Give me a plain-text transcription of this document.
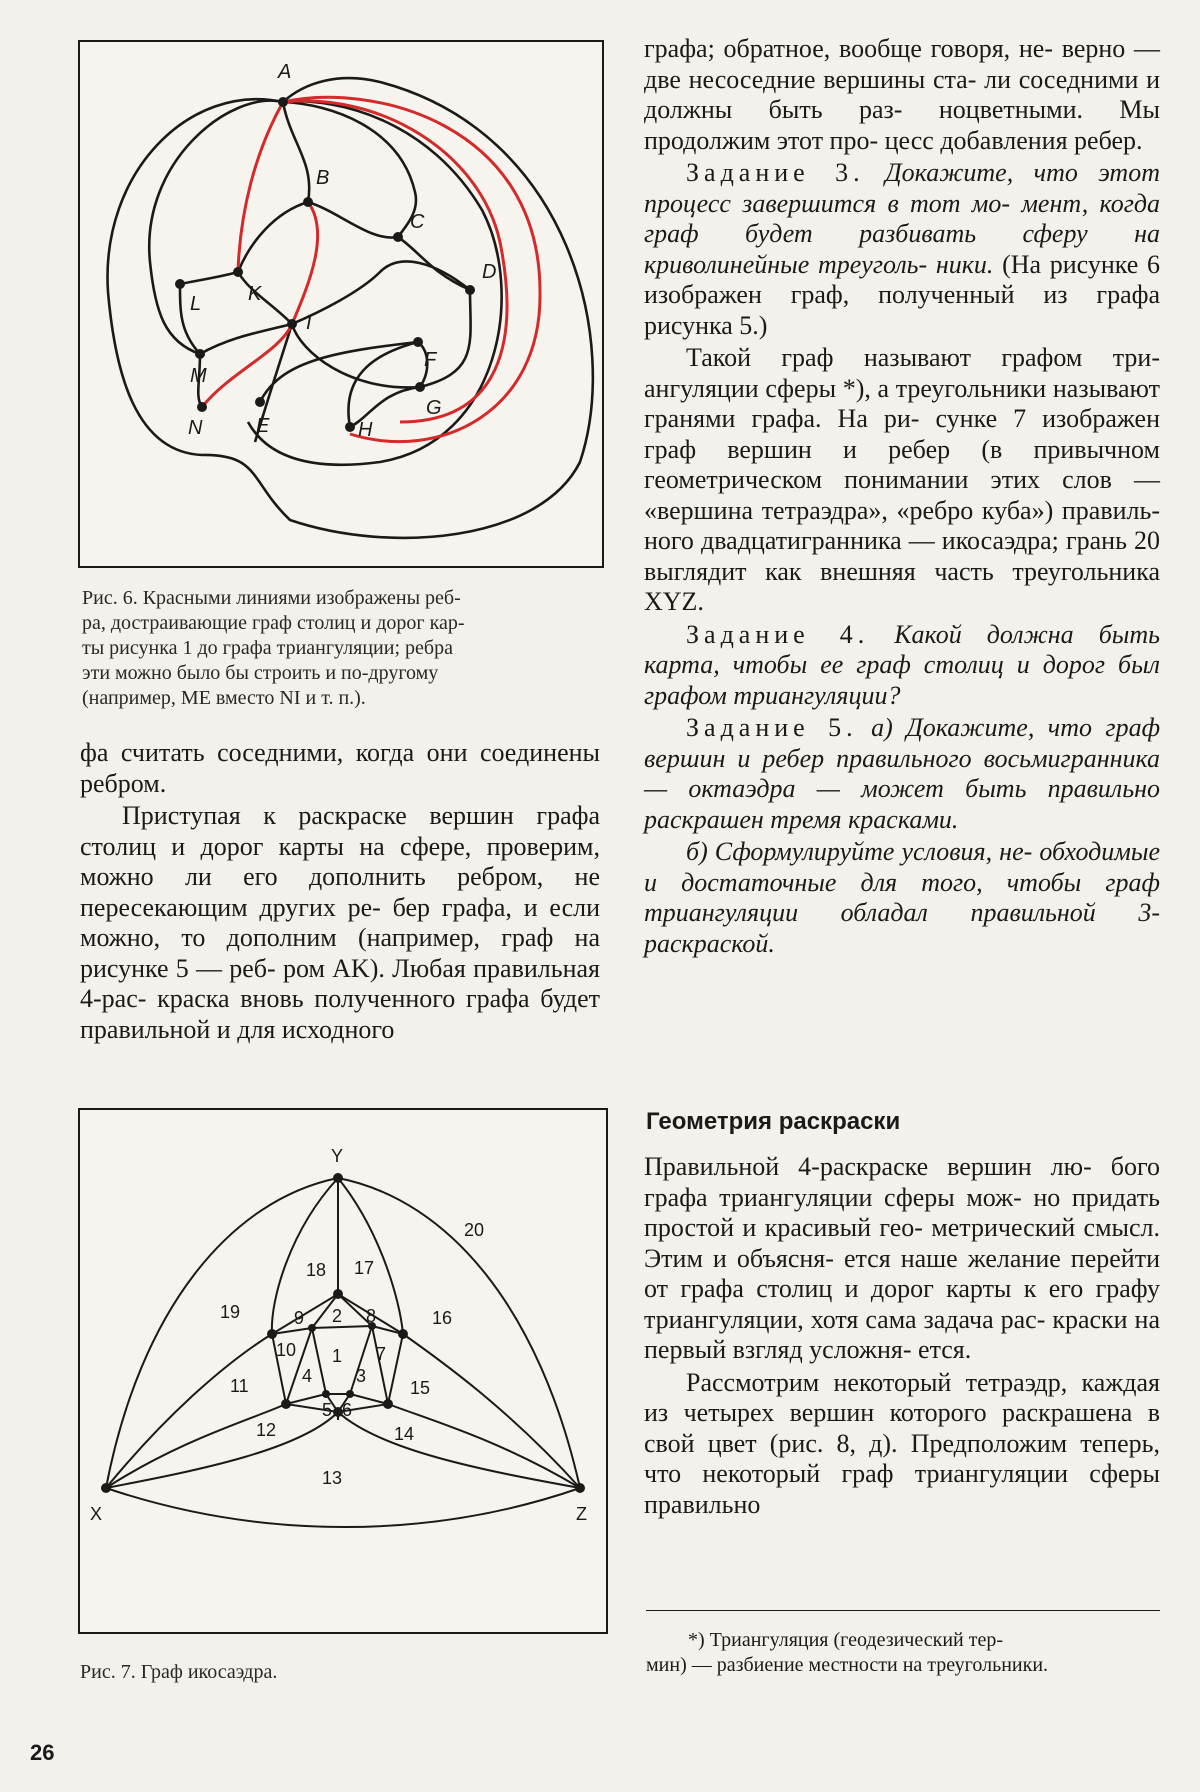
A
B
C
D
L K
I
M
F
G
N	E	H
Рис. 6. Красными линиями изображены реб-
ра, достраивающие граф столиц и дорог кар-
ты рисунка 1 до графа триангуляции; ребра
эти можно было бы строить и по-другому
(например, ME вместо NI и т. п.).

фа считать соседними, когда они соединены ребром.

Приступая к раскраске вершин графа столиц и дорог карты на сфере, проверим, можно ли его дополнить ребром, не пересекающим других ре- бер графа, и если можно, то дополним (например, граф на рисунке 5 — реб- ром AK). Любая правильная 4-рас- краска вновь полученного графа будет правильной и для исходного

Y
X	Z
1
2
3
4
5 6
7
8
9
10
11
12
13
14
15
16
17
18
19
20
Рис. 7. Граф икосаэдра.

графа; обратное, вообще говоря, не- верно — две несоседние вершины ста- ли соседними и должны быть раз- ноцветными. Мы продолжим этот про- цесс добавления ребер.

Задание 3. Докажите, что этот процесс завершится в тот мо- мент, когда граф будет разбивать сферу на криволинейные треуголь- ники. (На рисунке 6 изображен граф, полученный из графа рисунка 5.)

Такой граф называют графом три- ангуляции сферы *), а треугольники называют гранями графа. На ри- сунке 7 изображен граф вершин и ребер (в привычном геометрическом понимании этих слов — «вершина тетраэдра», «ребро куба») правиль- ного двадцатигранника — икосаэдра; грань 20 выглядит как внешняя часть треугольника XYZ.

Задание 4. Какой должна быть карта, чтобы ее граф столиц и дорог был графом триангуляции?

Задание 5. а) Докажите, что граф вершин и ребер правильного восьмигранника — октаэдра — может быть правильно раскрашен тремя красками.

б) Сформулируйте условия, не- обходимые и достаточные для того, чтобы граф триангуляции обладал правильной 3-раскраской.

Геометрия раскраски

Правильной 4-раскраске вершин лю- бого графа триангуляции сферы мож- но придать простой и красивый гео- метрический смысл. Этим и объясня- ется наше желание перейти от графа столиц и дорог карты к его графу триангуляции, хотя сама задача рас- краски на первый взгляд усложня- ется.

Рассмотрим некоторый тетраэдр, каждая из четырех вершин которого раскрашена в свой цвет (рис. 8, д). Предположим теперь, что некоторый граф триангуляции сферы правильно

*) Триангуляция (геодезический тер-
мин) — разбиение местности на треугольники.
26
